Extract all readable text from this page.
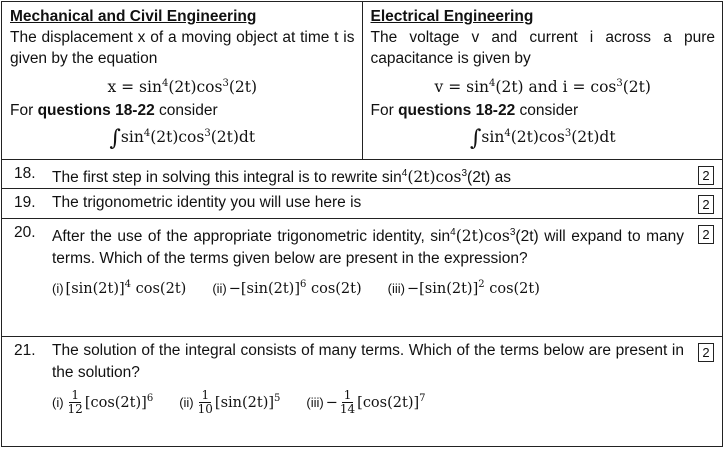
Mechanical and Civil Engineering
The displacement x of a moving object at time t is given by the equation
$x = \sin^4(2t)\cos^3(2t)$
For questions 18-22 consider
$\int\sin^4(2t)\cos^3(2t)dt$
Electrical Engineering
The voltage v and current i across a pure capacitance is given by
$v = \sin^4(2t)$ and $i = \cos^3(2t)$
For questions 18-22 consider
$\int\sin^4(2t)\cos^3(2t)dt$
18. The first step in solving this integral is to rewrite $\sin^4(2t)\cos^3(2t)$ as	2
19. The trigonometric identity you will use here is	2
20. After the use of the appropriate trigonometric identity, $\sin^4(2t)\cos^3(2t)$ will expand to many terms. Which of the terms given below are present in the expression?
(i) $[\sin(2t)]^4$ cos(2t) $(ii) -[\sin(2t)]^6$ cos(2t) $(iii) -[\sin(2t)]^2$ cos(2t)
2
21. The solution of the integral consists of many terms. Which of the terms below are present in the solution?
$(i) \frac{1}{12} [\cos(2t)]^6$ $(ii) \frac{1}{10} [\sin(2t)]^5$ $(iii) - \frac{1}{14} [\cos(2t)]^7$
2
